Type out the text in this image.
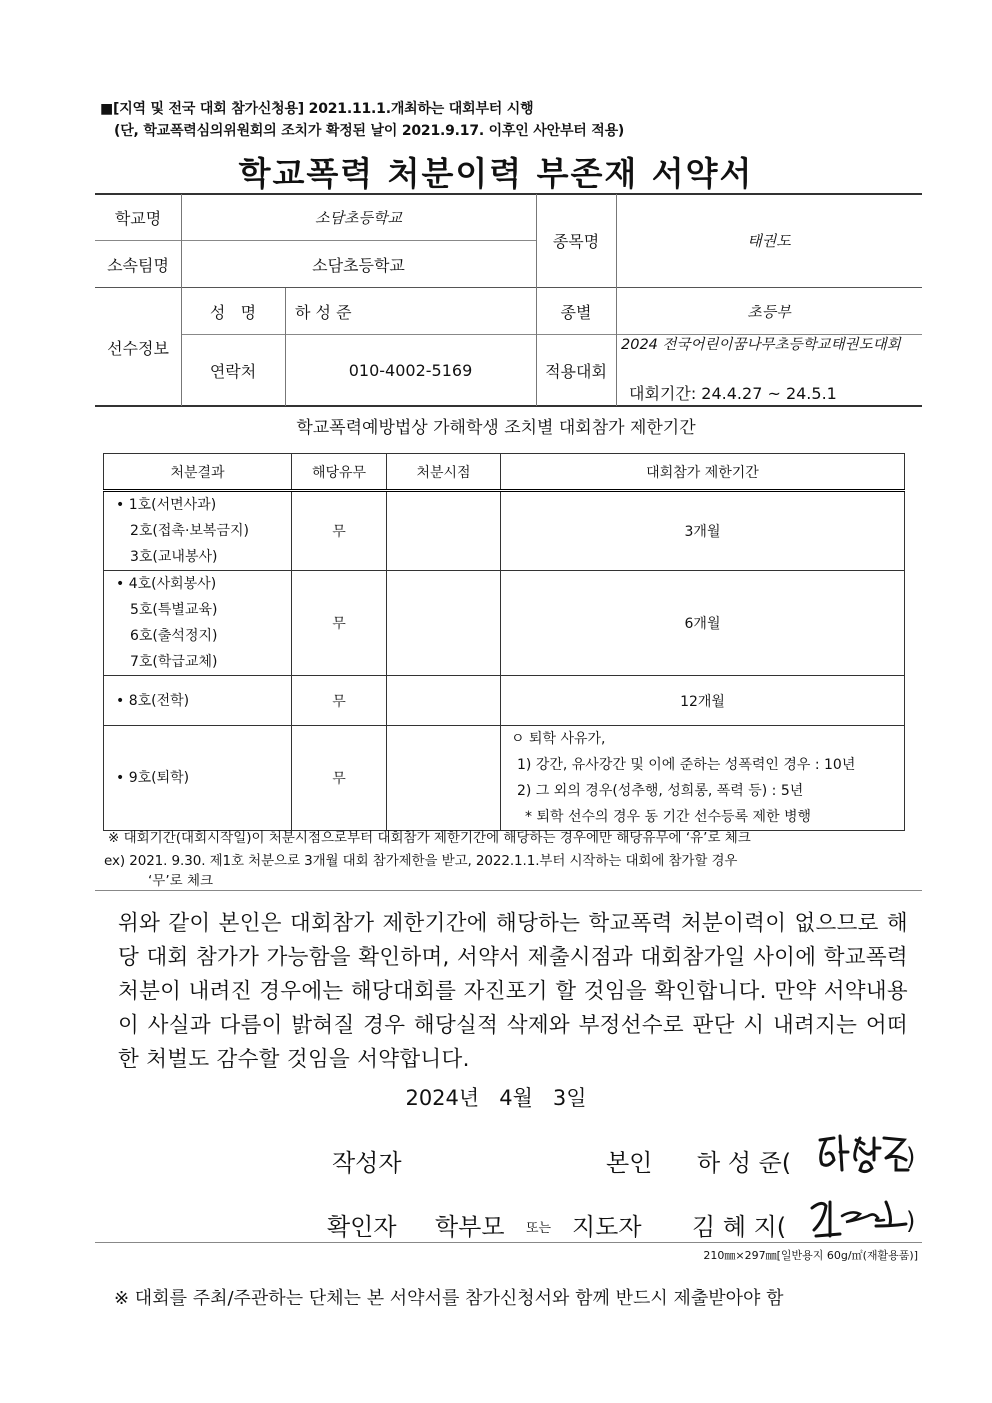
■[지역 및 전국 대회 참가신청용] 2021.11.1.개최하는 대회부터 시행
(단, 학교폭력심의위원회의 조치가 확정된 날이 2021.9.17. 이후인 사안부터 적용)
학교폭력 처분이력 부존재 서약서
학교명	소담초등학교
소속팀명	소담초등학교
종목명	태권도
선수정보
성   명	하 성 준	종별	초등부
연락처	010-4002-5169	적용대회
2024 전국어린이꿈나무초등학교태권도대회
대회기간: 24.4.27 ~ 24.5.1
학교폭력예방법상 가해학생 조치별 대회참가 제한기간
처분결과	해당유무	처분시점	대회참가 제한기간

• 1호(서면사과)
2호(접촉·보복금지)
3호(교내봉사)	무		3개월

• 4호(사회봉사)
5호(특별교육)
6호(출석정지)
7호(학급교체)	무		6개월

• 8호(전학)	무		12개월

• 9호(퇴학)	무		ㅇ 퇴학 사유가,
1) 강간, 유사강간 및 이에 준하는 성폭력인 경우 : 10년
2) 그 외의 경우(성추행, 성희롱, 폭력 등) : 5년
* 퇴학 선수의 경우 동 기간 선수등록 제한 병행
※ 대회기간(대회시작일)이 처분시점으로부터 대회참가 제한기간에 해당하는 경우에만 해당유무에 ‘유’로 체크
ex) 2021. 9.30. 제1호 처분으로 3개월 대회 참가제한을 받고, 2022.1.1.부터 시작하는 대회에 참가할 경우
‘무’로 체크
위와 같이 본인은 대회참가 제한기간에 해당하는 학교폭력 처분이력이 없으므로 해당 대회 참가가 가능함을 확인하며, 서약서 제출시점과 대회참가일 사이에 학교폭력 처분이 내려진 경우에는 해당대회를 자진포기 할 것임을 확인합니다. 만약 서약내용이 사실과 다름이 밝혀질 경우 해당실적 삭제와 부정선수로 판단 시 내려지는 어떠한 처벌도 감수할 것임을 서약합니다.
2024년   4월   3일
작성자	본인 하 성 준(	)
확인자 학부모 또는 지도자 김 혜 지(	)
210㎜×297㎜[일반용지 60g/㎡(재활용품)]
※ 대회를 주최/주관하는 단체는 본 서약서를 참가신청서와 함께 반드시 제출받아야 함
